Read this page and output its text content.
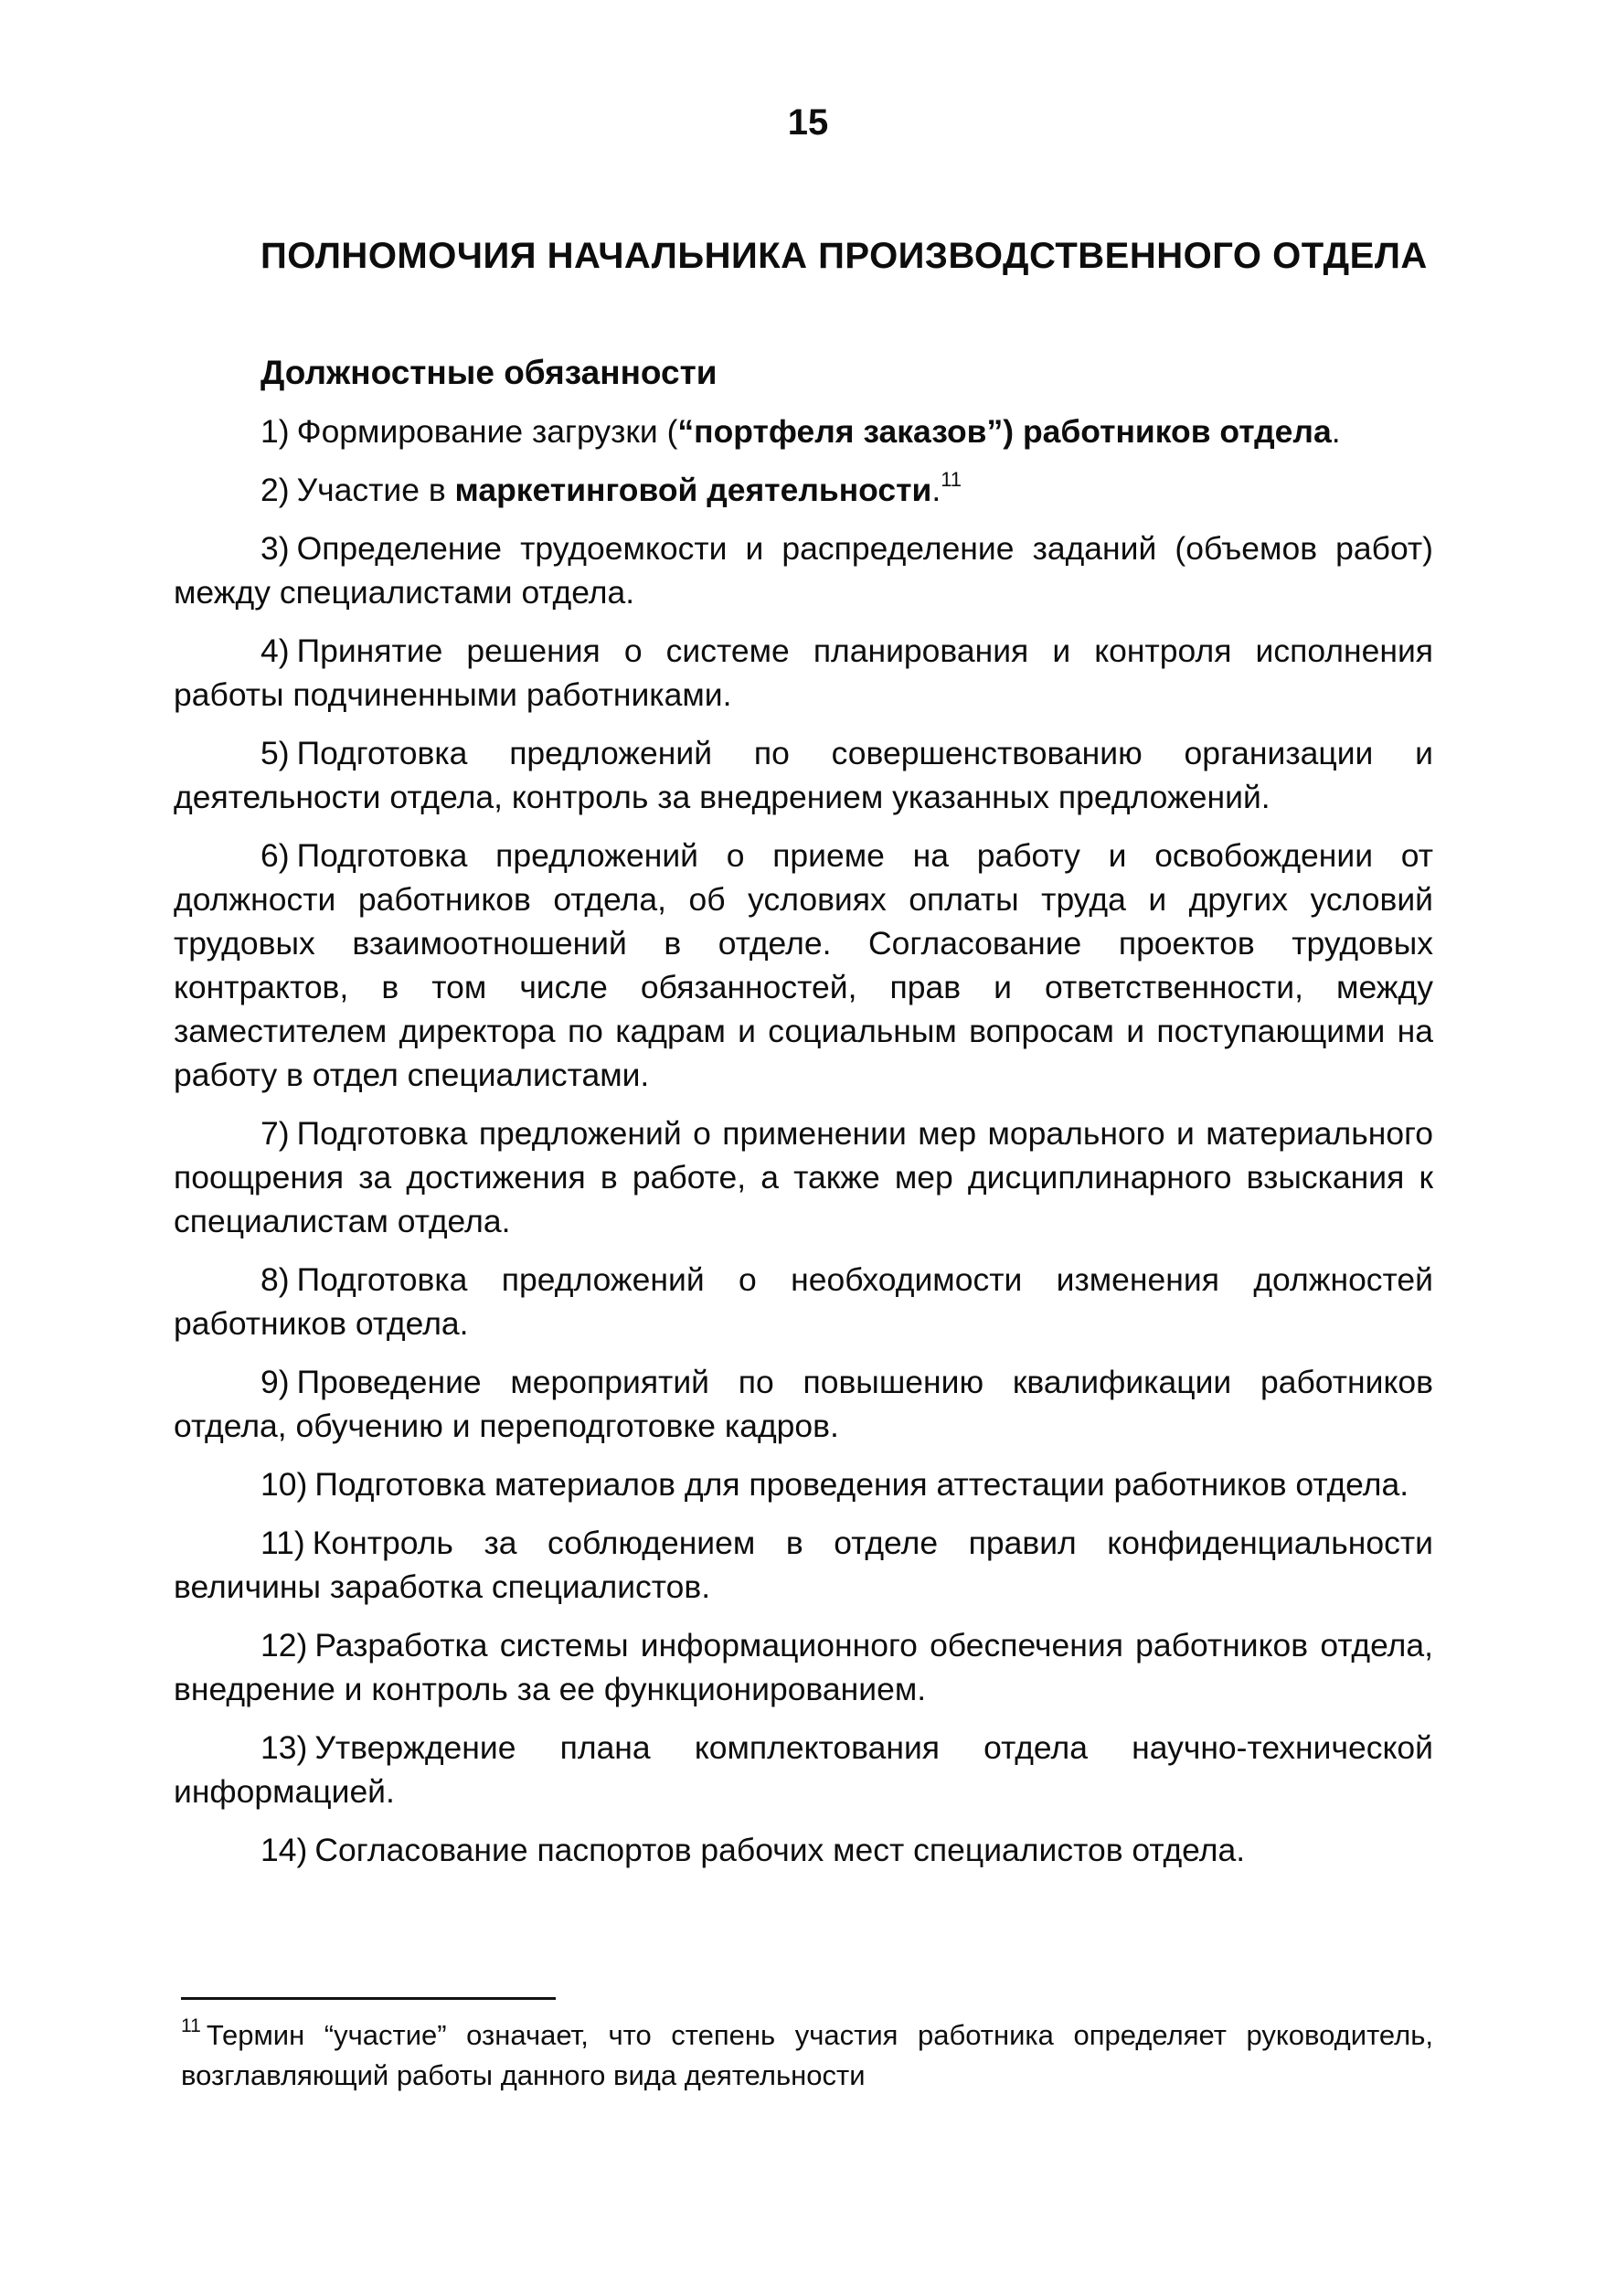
15
ПОЛНОМОЧИЯ НАЧАЛЬНИКА ПРОИЗВОДСТВЕННОГО ОТДЕЛА
Должностные обязанности

1) Формирование загрузки (“портфеля заказов”) работников отдела.

2) Участие в маркетинговой деятельности.$^{11}$

3) Определение трудоемкости и распределение заданий (объемов работ) между специалистами отдела.

4) Принятие решения о системе планирования и контроля исполнения работы подчиненными работниками.

5) Подготовка предложений по совершенствованию организации и деятельности отдела, контроль за внедрением указанных предложений.

6) Подготовка предложений о приеме на работу и освобождении от должности работников отдела, об условиях оплаты труда и других условий трудовых взаимоотношений в отделе. Согласование проектов трудовых контрактов, в том числе обязанностей, прав и ответственности, между заместителем директора по кадрам и социальным вопросам и поступающими на работу в отдел специалистами.

7) Подготовка предложений о применении мер морального и материального поощрения за достижения в работе, а также мер дисциплинарного взыскания к специалистам отдела.

8) Подготовка предложений о необходимости изменения должностей работников отдела.

9) Проведение мероприятий по повышению квалификации работников отдела, обучению и переподготовке кадров.

10) Подготовка материалов для проведения аттестации работников отдела.

11) Контроль за соблюдением в отделе правил конфиденциальности величины заработка специалистов.

12) Разработка системы информационного обеспечения работников отдела, внедрение и контроль за ее функционированием.

13) Утверждение плана комплектования отдела научно-технической информацией.

14) Согласование паспортов рабочих мест специалистов отдела.

$^{11}$ Термин “участие” означает, что степень участия работника определяет руководитель, возглавляющий работы данного вида деятельности
